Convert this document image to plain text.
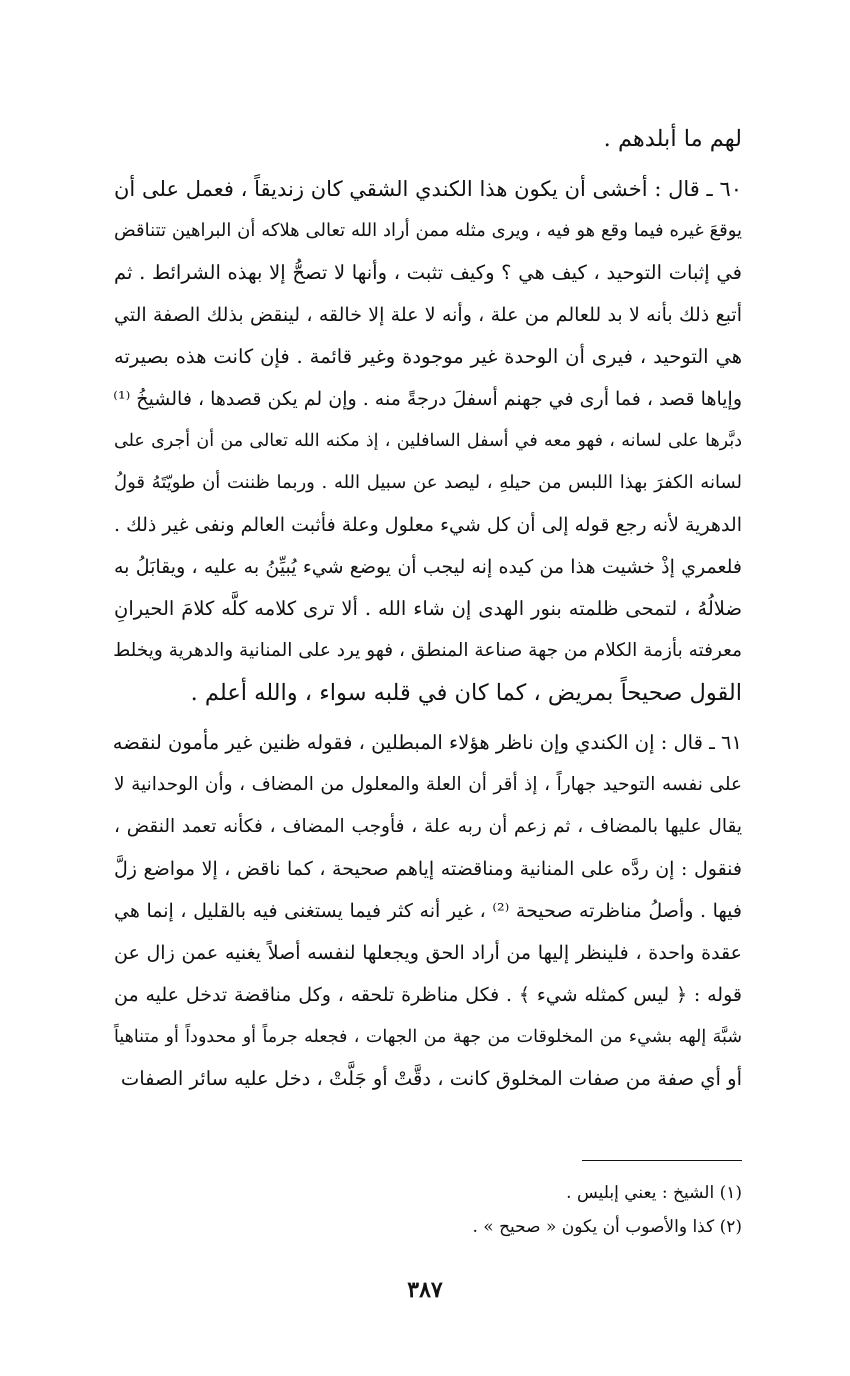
لهم ما أبلدهم .
٦٠ ـ قال : أخشى أن يكون هذا الكندي الشقي كان زنديقاً ، فعمل على أن
يوقعَ غيره فيما وقع هو فيه ، ويرى مثله ممن أراد الله تعالى هلاكه أن البراهين تتناقض
في إثبات التوحيد ، كيف هي ؟ وكيف تثبت ، وأنها لا تصحُّ إلا بهذه الشرائط . ثم
أتبع ذلك بأنه لا بد للعالم من علة ، وأنه لا علة إلا خالقه ، لينقض بذلك الصفة التي
هي التوحيد ، فيرى أن الوحدة غير موجودة وغير قائمة . فإن كانت هذه بصيرته
وإياها قصد ، فما أرى في جهنم أسفلَ درجةً منه . وإن لم يكن قصدها ، فالشيخُ ⁽¹⁾
دبَّرها على لسانه ، فهو معه في أسفل السافلين ، إذ مكنه الله تعالى من أن أجرى على
لسانه الكفرَ بهذا اللبس من حيلهِ ، ليصد عن سبيل الله . وربما ظننت أن طويّتَهُ قولُ
الدهرية لأنه رجع قوله إلى أن كل شيء معلول وعلة فأثبت العالم ونفى غير ذلك .
فلعمري إذْ خشيت هذا من كيده إنه ليجب أن يوضع شيء يُبيِّنُ به عليه ، ويقابَلُ به
ضلالُهُ ، لتمحى ظلمته بنور الهدى إن شاء الله . ألا ترى كلامه كلَّه كلامَ الحيرانِ
معرفته بأزمة الكلام من جهة صناعة المنطق ، فهو يرد على المنانية والدهرية ويخلط
القول صحيحاً بمريض ، كما كان في قلبه سواء ، والله أعلم .
٦١ ـ قال : إن الكندي وإن ناظر هؤلاء المبطلين ، فقوله ظنين غير مأمون لنقضه
على نفسه التوحيد جهاراً ، إذ أقر أن العلة والمعلول من المضاف ، وأن الوحدانية لا
يقال عليها بالمضاف ، ثم زعم أن ربه علة ، فأوجب المضاف ، فكأنه تعمد النقض ،
فنقول : إن ردَّه على المنانية ومناقضته إياهم صحيحة ، كما ناقض ، إلا مواضع زلَّ
فيها . وأصلُ مناظرته صحيحة ⁽²⁾ ، غير أنه كثر فيما يستغنى فيه بالقليل ، إنما هي
عقدة واحدة ، فلينظر إليها من أراد الحق ويجعلها لنفسه أصلاً يغنيه عمن زال عن
قوله : ﴿ ليس كمثله شيء ﴾ . فكل مناظرة تلحقه ، وكل مناقضة تدخل عليه من
شبَّهَ إلهه بشيء من المخلوقات من جهة من الجهات ، فجعله جرماً أو محدوداً أو متناهياً
أو أي صفة من صفات المخلوق كانت ، دقَّتْ أو جَلَّتْ ، دخل عليه سائر الصفات
(١) الشيخ : يعني إبليس .
(٢) كذا والأصوب أن يكون « صحيح » .
٣٨٧
